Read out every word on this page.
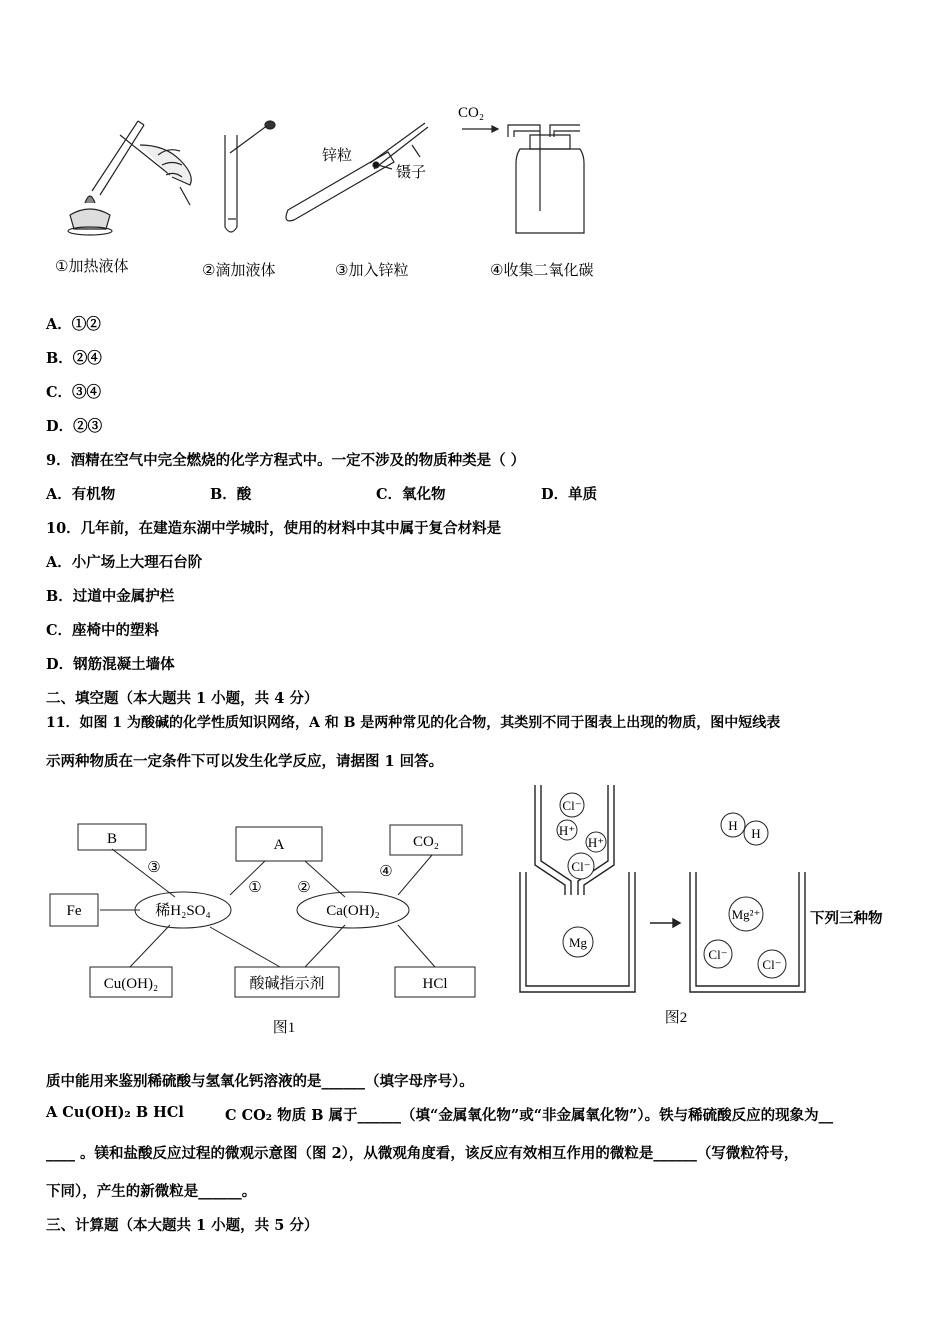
锌粒
镊子
CO₂
①加热液体	②滴加液体	③加入锌粒	④收集二氧化碳
A．①②
B．②④
C．③④
D．②③
9．酒精在空气中完全燃烧的化学方程式中。一定不涉及的物质种类是（ ）
A．有机物	B．酸	C．氧化物	D．单质
10．几年前，在建造东湖中学城时，使用的材料中其中属于复合材料是
A．小广场上大理石台阶
B．过道中金属护栏
C．座椅中的塑料
D．钢筋混凝土墙体
二、填空题（本大题共 1 小题，共 4 分）
11．如图 1 为酸碱的化学性质知识网络，A 和 B 是两种常见的化合物，其类别不同于图表上出现的物质，图中短线表
示两种物质在一定条件下可以发生化学反应，请据图 1 回答。
B	A	CO₂
Fe
Cu(OH)₂	酸碱指示剂	HCl
稀H₂SO₄	Ca(OH)₂
③
① ②
④
图1
Cl⁻
H⁺
H⁺
Cl⁻
Mg
H
H
Mg²⁺
Cl⁻
Cl⁻
图2
下列三种物
质中能用来鉴别稀硫酸与氢氧化钙溶液的是______（填字母序号）。
A Cu(OH)₂ B HCl	C CO₂ 物质 B 属于______（填“金属氧化物”或“非金属氧化物”）。铁与稀硫酸反应的现象为__
____ 。镁和盐酸反应过程的微观示意图（图 2），从微观角度看，该反应有效相互作用的微粒是______（写微粒符号，
下同），产生的新微粒是______。
三、计算题（本大题共 1 小题，共 5 分）
